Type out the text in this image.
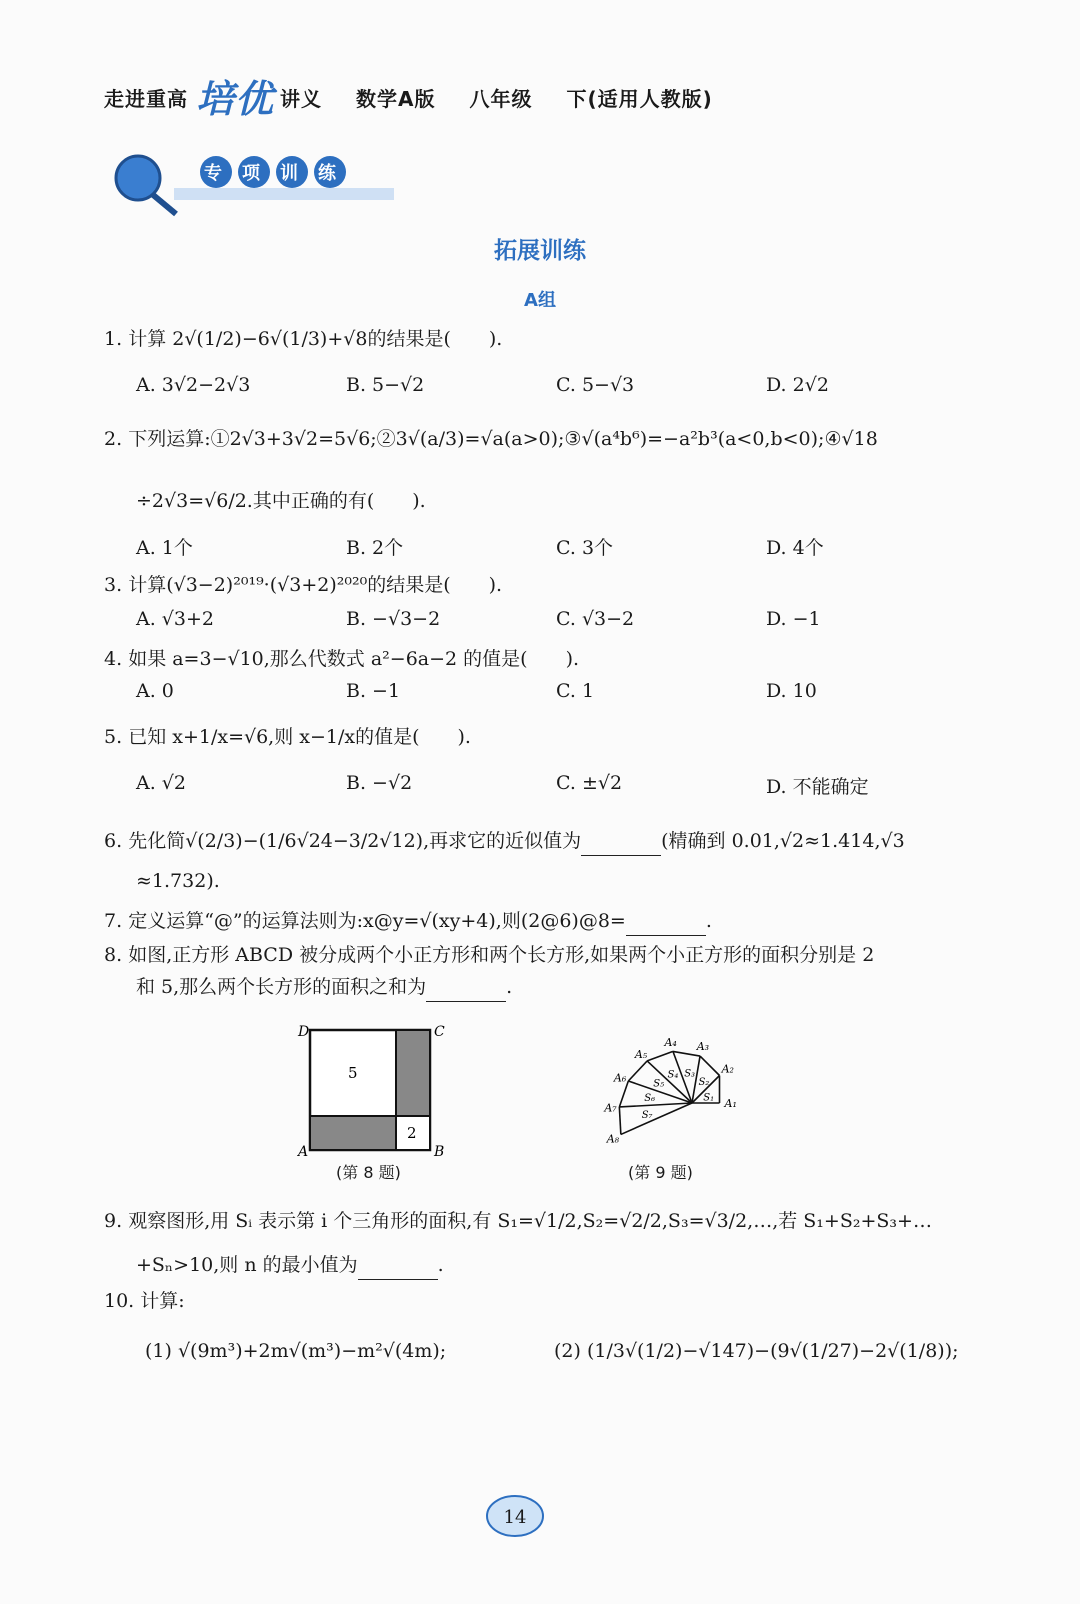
走进重高 培优 讲义 数学A版 八年级 下(适用人教版)
专项训练
拓展训练
A组
1. 计算 2√(1/2)−6√(1/3)+√8的结果是(　　).
A. 3√2−2√3	B. 5−√2	C. 5−√3	D. 2√2
2. 下列运算:①2√3+3√2=5√6;②3√(a/3)=√a(a>0);③√(a⁴b⁶)=−a²b³(a<0,b<0);④√18
÷2√3=√6/2.其中正确的有(　　).
A. 1个	B. 2个	C. 3个	D. 4个
3. 计算(√3−2)²⁰¹⁹·(√3+2)²⁰²⁰的结果是(　　).
A. √3+2	B. −√3−2	C. √3−2	D. −1
4. 如果 a=3−√10,那么代数式 a²−6a−2 的值是(　　).
A. 0	B. −1	C. 1	D. 10
5. 已知 x+1/x=√6,则 x−1/x的值是(　　).
A. √2	B. −√2	C. ±√2	D. 不能确定
6. 先化简√(2/3)−(1/6√24−3/2√12),再求它的近似值为	(精确到 0.01,√2≈1.414,√3
≈1.732).
7. 定义运算“@”的运算法则为:x@y=√(xy+4),则(2@6)@8=	.
8. 如图,正方形 ABCD 被分成两个小正方形和两个长方形,如果两个小正方形的面积分别是 2
和 5,那么两个长方形的面积之和为	.
D	C
A	B
5
2
(第 8 题)
A₁
A₂
A₃
A₄
A₅
A₆
A₇
A₈
S₁
S₂
S₃
S₄
S₅
S₆
S₇
(第 9 题)
9. 观察图形,用 Sᵢ 表示第 i 个三角形的面积,有 S₁=√1/2,S₂=√2/2,S₃=√3/2,…,若 S₁+S₂+S₃+…
+Sₙ>10,则 n 的最小值为	.
10. 计算:
(1) √(9m³)+2m√(m³)−m²√(4m);	(2) (1/3√(1/2)−√147)−(9√(1/27)−2√(1/8));
14
